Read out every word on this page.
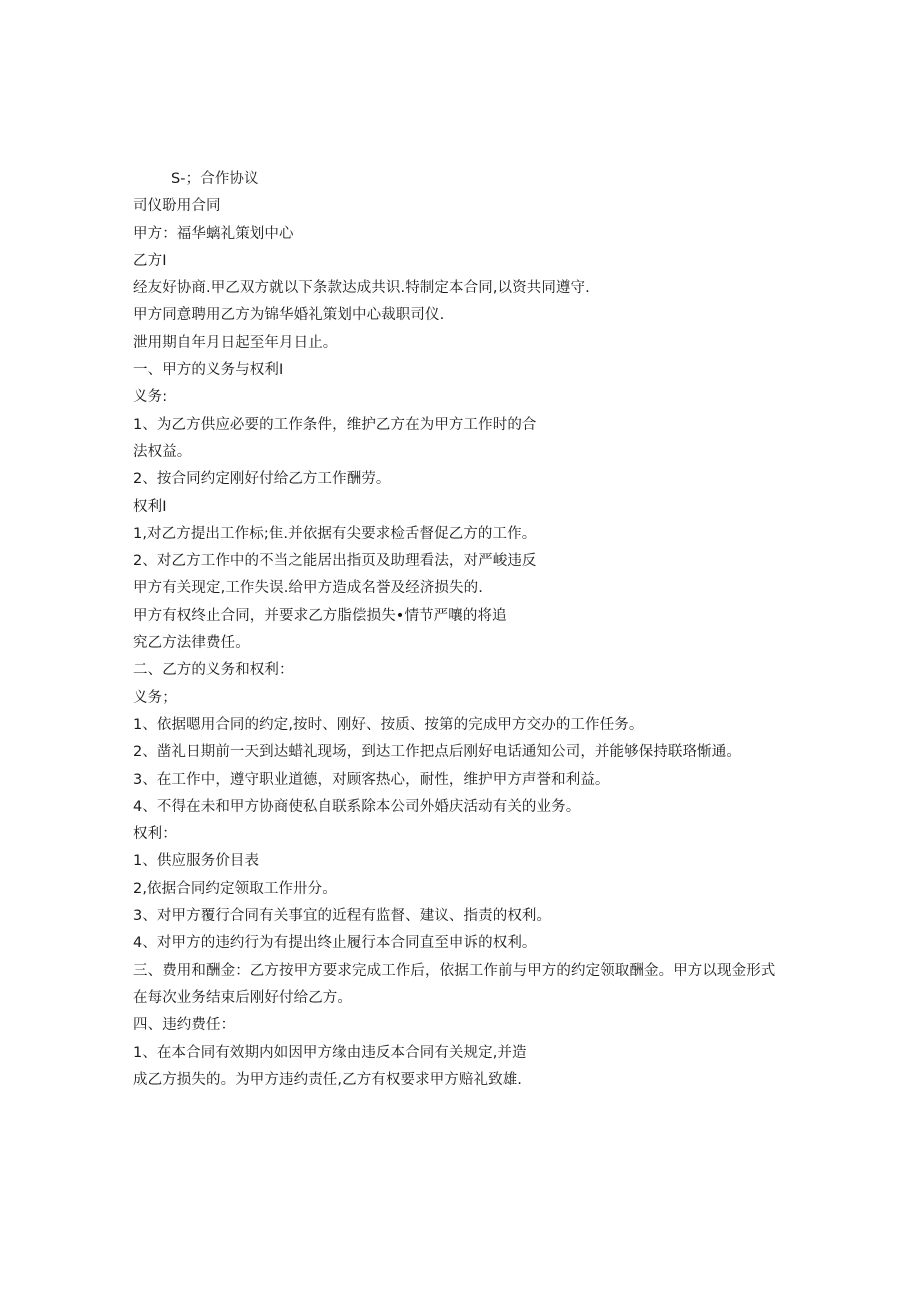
S-；合作协议
司仪聁用合同
甲方：福华螭礼策划中心
乙方I
经友好协商.甲乙双方就以下条款达成共识.特制定本合同,以资共同遵守.
甲方同意聘用乙方为锦华婚礼策划中心裁职司仪.
泄用期自年月日起至年月日止。
一、甲方的义务与权利I
义务:
1、为乙方供应必要的工作条件，维护乙方在为甲方工作时的合
法权益。
2、按合同约定刚好付给乙方工作酬劳。
权利I
1,对乙方提出工作标;隹.并依据有尖要求检舌督促乙方的工作。
2、对乙方工作中的不当之能居出指页及助理看法，对严峻违反
甲方有关现定,工作失误.给甲方造成名誉及经济损失的.
甲方有权终止合同，并要求乙方脂偿损失•情节严嚷的将追
究乙方法律费任。
二、乙方的义务和权利：
义务；
1、依据嗯用合同的约定,按时、刚好、按质、按第的完成甲方交办的工作任务。
2、凿礼日期前一天到达蜡礼现场，到达工作把点后刚好电话通知公司，并能够保持联珞惭通。
3、在工作中，遵守职业道德，对顾客热心，耐性，维护甲方声誉和利益。
4、不得在未和甲方协商使私自联系除本公司外婚庆活动有关的业务。
权利：
1、供应服务价目表
2,依据合同约定领取工作卅分。
3、对甲方覆行合同有关事宜的近程有监督、建议、指责的权利。
4、对甲方的违约行为有提出终止履行本合同直至申诉的权利。
三、费用和酬金：乙方按甲方要求完成工作后，依据工作前与甲方的约定领取酬金。甲方以现金形式
在每次业务结束后刚好付给乙方。
四、违约费任：
1、在本合同有效期内如因甲方缘由违反本合同有关规定,并造
成乙方损失的。为甲方违约责任,乙方有权要求甲方赔礼致雄.
